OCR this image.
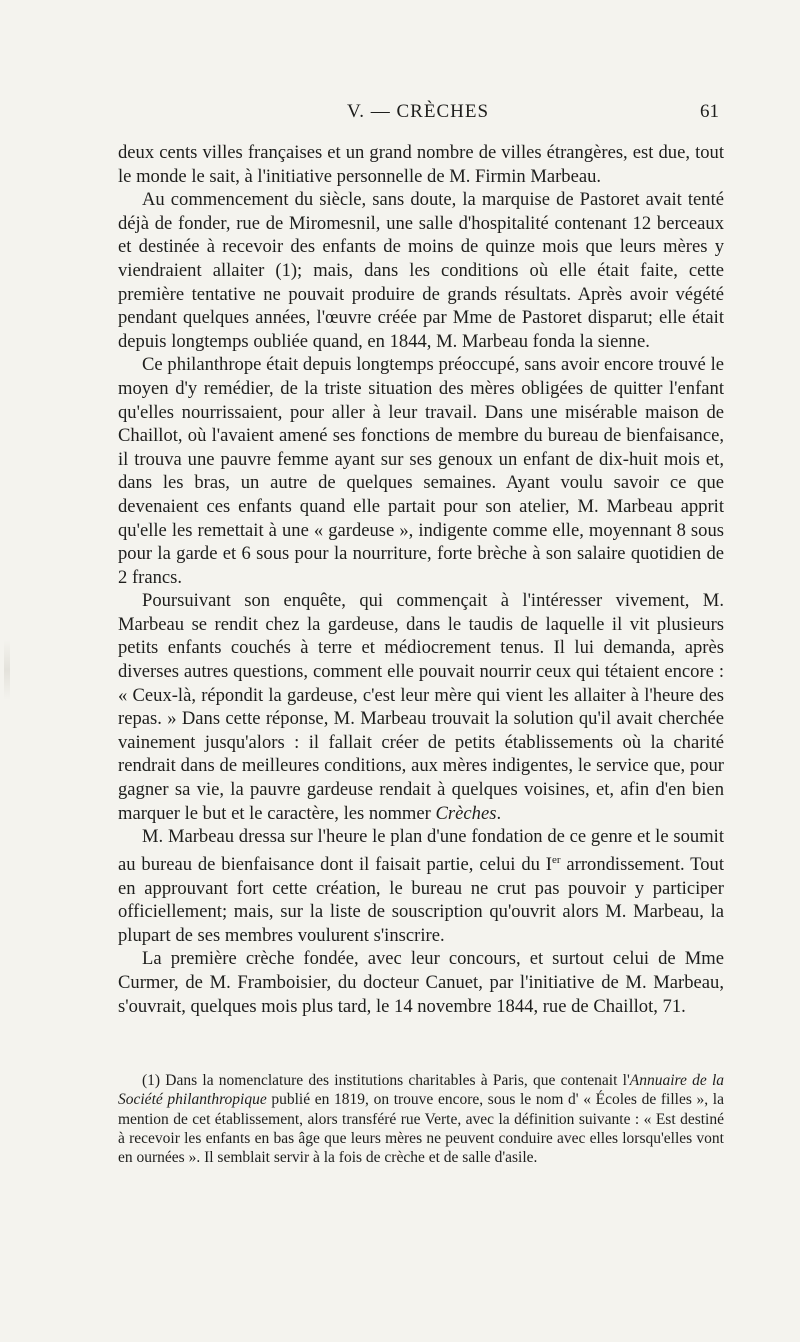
V. — CRÈCHES	61

deux cents villes françaises et un grand nombre de villes étrangères, est due, tout le monde le sait, à l'initiative personnelle de M. Firmin Marbeau.

Au commencement du siècle, sans doute, la marquise de Pastoret avait tenté déjà de fonder, rue de Miromesnil, une salle d'hospitalité contenant 12 berceaux et destinée à recevoir des enfants de moins de quinze mois que leurs mères y viendraient allaiter (1); mais, dans les conditions où elle était faite, cette première tentative ne pouvait produire de grands résultats. Après avoir végété pendant quelques années, l'œuvre créée par Mme de Pastoret disparut; elle était depuis longtemps oubliée quand, en 1844, M. Marbeau fonda la sienne.

Ce philanthrope était depuis longtemps préoccupé, sans avoir encore trouvé le moyen d'y remédier, de la triste situation des mères obligées de quitter l'enfant qu'elles nourrissaient, pour aller à leur travail. Dans une misérable maison de Chaillot, où l'avaient amené ses fonctions de membre du bureau de bienfaisance, il trouva une pauvre femme ayant sur ses genoux un enfant de dix-huit mois et, dans les bras, un autre de quelques semaines. Ayant voulu savoir ce que devenaient ces enfants quand elle partait pour son atelier, M. Marbeau apprit qu'elle les remettait à une « gardeuse », indigente comme elle, moyennant 8 sous pour la garde et 6 sous pour la nourriture, forte brèche à son salaire quotidien de 2 francs.

Poursuivant son enquête, qui commençait à l'intéresser vivement, M. Marbeau se rendit chez la gardeuse, dans le taudis de laquelle il vit plusieurs petits enfants couchés à terre et médiocrement tenus. Il lui demanda, après diverses autres questions, comment elle pouvait nourrir ceux qui tétaient encore : « Ceux-là, répondit la gardeuse, c'est leur mère qui vient les allaiter à l'heure des repas. » Dans cette réponse, M. Marbeau trouvait la solution qu'il avait cherchée vainement jusqu'alors : il fallait créer de petits établissements où la charité rendrait dans de meilleures conditions, aux mères indigentes, le service que, pour gagner sa vie, la pauvre gardeuse rendait à quelques voisines, et, afin d'en bien marquer le but et le caractère, les nommer Crèches.

M. Marbeau dressa sur l'heure le plan d'une fondation de ce genre et le soumit au bureau de bienfaisance dont il faisait partie, celui du Ier arrondissement. Tout en approuvant fort cette création, le bureau ne crut pas pouvoir y participer officiellement; mais, sur la liste de souscription qu'ouvrit alors M. Marbeau, la plupart de ses membres voulurent s'inscrire.

La première crèche fondée, avec leur concours, et surtout celui de Mme Curmer, de M. Framboisier, du docteur Canuet, par l'initiative de M. Marbeau, s'ouvrait, quelques mois plus tard, le 14 novembre 1844, rue de Chaillot, 71.

(1) Dans la nomenclature des institutions charitables à Paris, que contenait l'Annuaire de la Société philanthropique publié en 1819, on trouve encore, sous le nom d' « Écoles de filles », la mention de cet établissement, alors transféré rue Verte, avec la définition suivante : « Est destiné à recevoir les enfants en bas âge que leurs mères ne peuvent conduire avec elles lorsqu'elles vont en ournées ». Il semblait servir à la fois de crèche et de salle d'asile.
